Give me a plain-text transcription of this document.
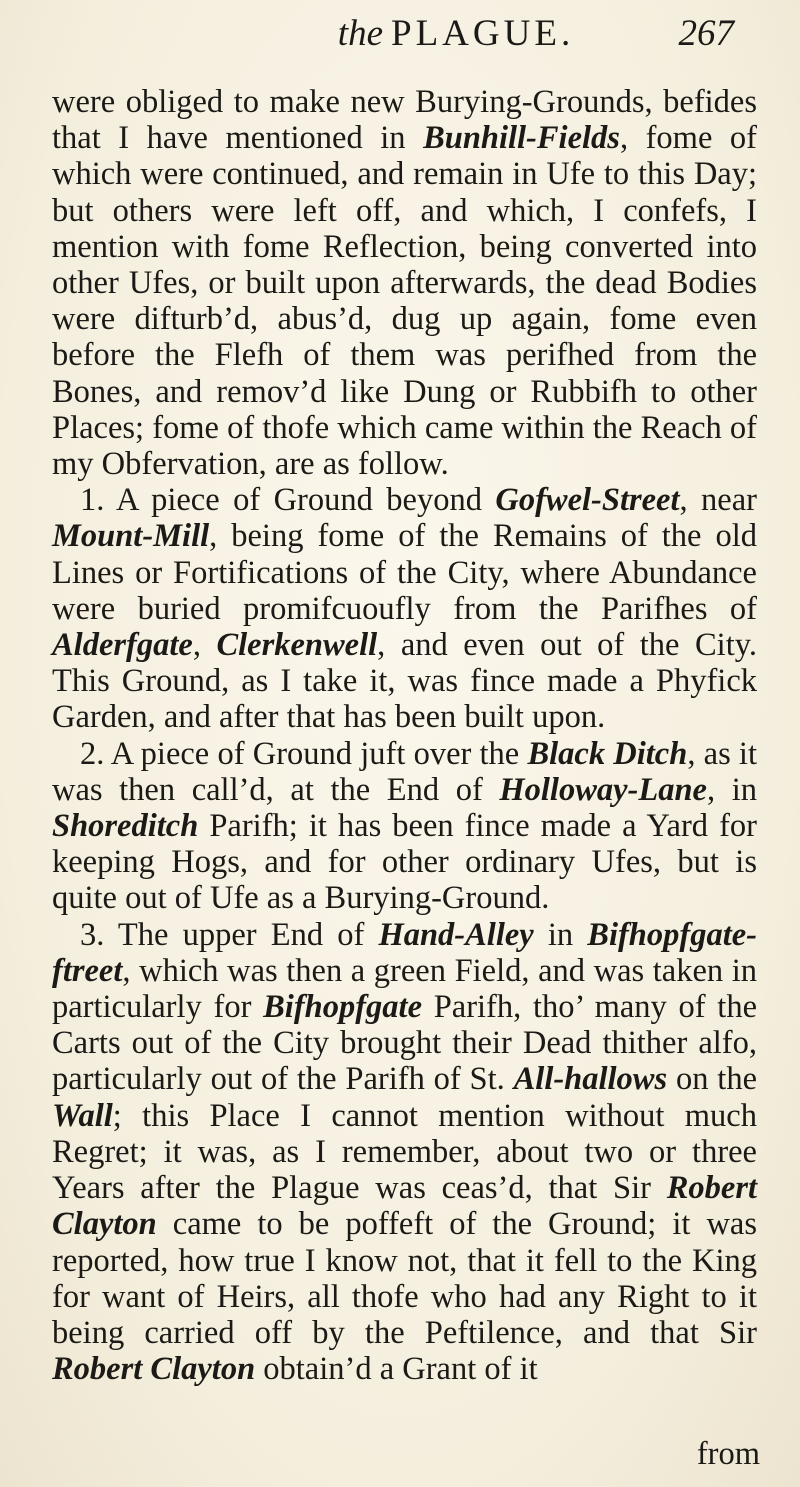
the PLAGUE.	267

were obliged to make new Burying-Grounds, befides that I have mentioned in Bunhill-Fields, fome of which were continued, and remain in Ufe to this Day; but others were left off, and which, I confefs, I mention with fome Reflection, being converted into other Ufes, or built upon afterwards, the dead Bodies were difturb’d, abus’d, dug up again, fome even before the Flefh of them was perifhed from the Bones, and remov’d like Dung or Rubbifh to other Places; fome of thofe which came within the Reach of my Obfervation, are as follow.

1. A piece of Ground beyond Gofwel-Street, near Mount-Mill, being fome of the Remains of the old Lines or Fortifications of the City, where Abundance were buried promifcuoufly from the Parifhes of Alderfgate, Clerkenwell, and even out of the City. This Ground, as I take it, was fince made a Phyfick Garden, and after that has been built upon.

2. A piece of Ground juft over the Black Ditch, as it was then call’d, at the End of Holloway-Lane, in Shoreditch Parifh; it has been fince made a Yard for keeping Hogs, and for other ordinary Ufes, but is quite out of Ufe as a Burying-Ground.

3. The upper End of Hand-Alley in Bifhopfgate-ftreet, which was then a green Field, and was taken in particularly for Bifhopfgate Parifh, tho’ many of the Carts out of the City brought their Dead thither alfo, particularly out of the Parifh of St. All-hallows on the Wall; this Place I cannot mention without much Regret; it was, as I remember, about two or three Years after the Plague was ceas’d, that Sir Robert Clayton came to be poffeft of the Ground; it was reported, how true I know not, that it fell to the King for want of Heirs, all thofe who had any Right to it being carried off by the Peftilence, and that Sir Robert Clayton obtain’d a Grant of it

from
